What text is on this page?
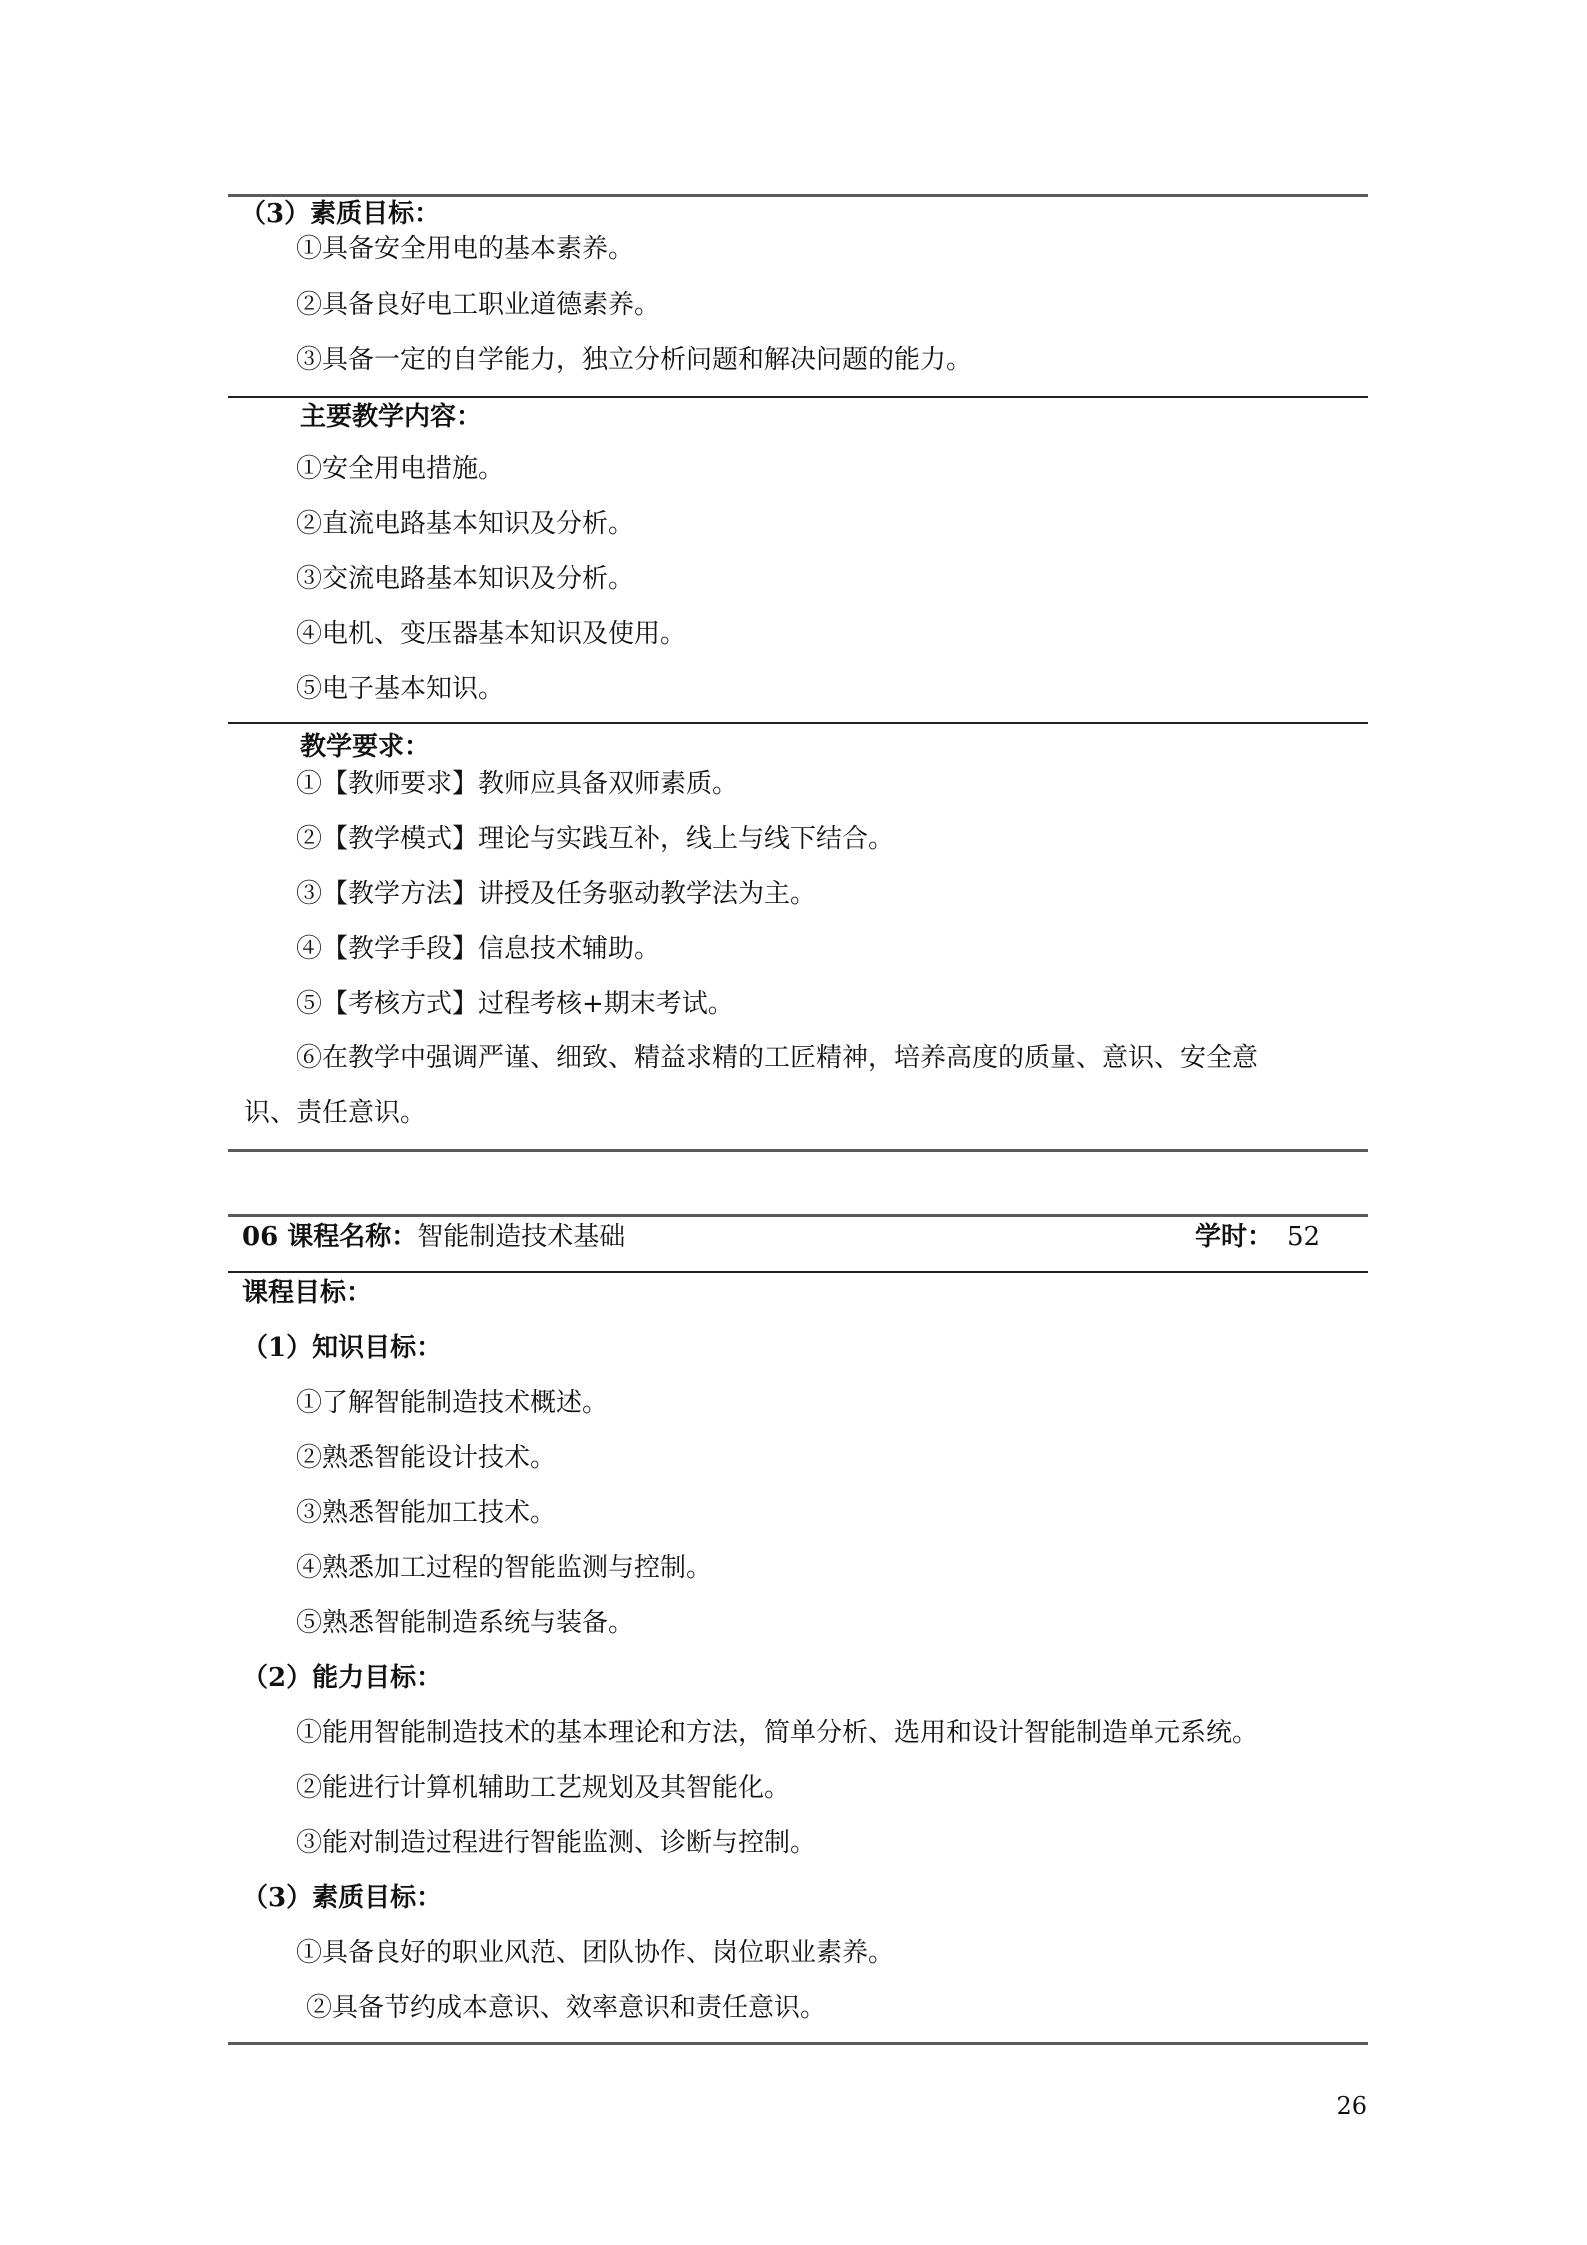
（3）素质目标：
①具备安全用电的基本素养。
②具备良好电工职业道德素养。
③具备一定的自学能力，独立分析问题和解决问题的能力。
主要教学内容：
①安全用电措施。
②直流电路基本知识及分析。
③交流电路基本知识及分析。
④电机、变压器基本知识及使用。
⑤电子基本知识。
教学要求：
①【教师要求】教师应具备双师素质。
②【教学模式】理论与实践互补，线上与线下结合。
③【教学方法】讲授及任务驱动教学法为主。
④【教学手段】信息技术辅助。
⑤【考核方式】过程考核+期末考试。
⑥在教学中强调严谨、细致、精益求精的工匠精神，培养高度的质量、意识、安全意
识、责任意识。
06 课程名称：智能制造技术基础	学时： 52
课程目标：
（1）知识目标：
①了解智能制造技术概述。
②熟悉智能设计技术。
③熟悉智能加工技术。
④熟悉加工过程的智能监测与控制。
⑤熟悉智能制造系统与装备。
（2）能力目标：
①能用智能制造技术的基本理论和方法，简单分析、选用和设计智能制造单元系统。
②能进行计算机辅助工艺规划及其智能化。
③能对制造过程进行智能监测、诊断与控制。
（3）素质目标：
①具备良好的职业风范、团队协作、岗位职业素养。
②具备节约成本意识、效率意识和责任意识。
26
